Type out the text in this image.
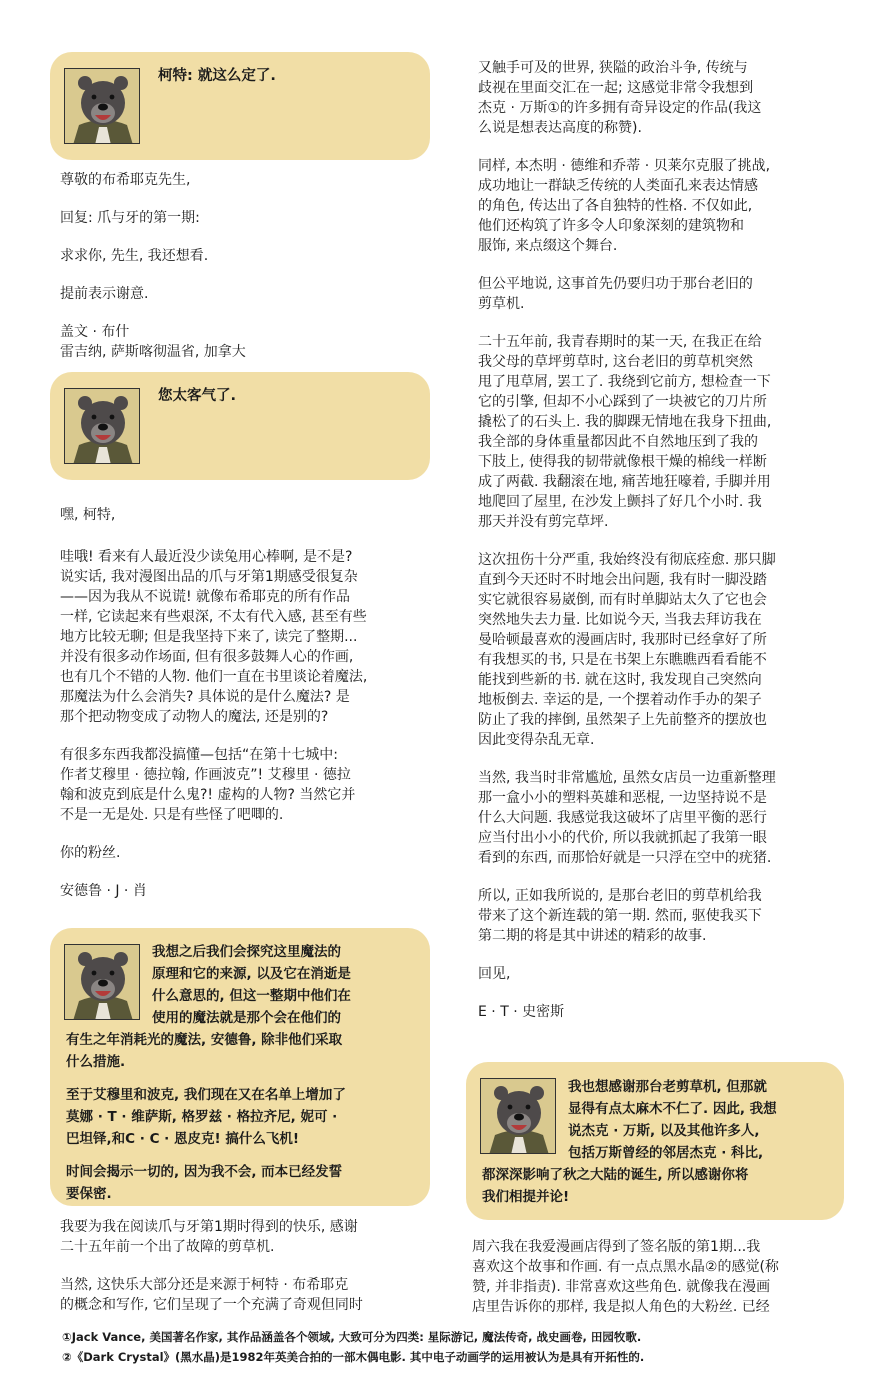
柯特: 就这么定了.

尊敬的布希耶克先生,

回复: 爪与牙的第一期:

求求你, 先生, 我还想看.

提前表示谢意.

盖文 · 布什
雷吉纳, 萨斯喀彻温省, 加拿大

您太客气了.

嘿, 柯特,

哇哦! 看来有人最近没少读兔用心棒啊, 是不是?
说实话, 我对漫图出品的爪与牙第1期感受很复杂
——因为我从不说谎! 就像布希耶克的所有作品
一样, 它读起来有些艰深, 不太有代入感, 甚至有些
地方比较无聊; 但是我坚持下来了, 读完了整期...
并没有很多动作场面, 但有很多鼓舞人心的作画,
也有几个不错的人物. 他们一直在书里谈论着魔法,
那魔法为什么会消失? 具体说的是什么魔法? 是
那个把动物变成了动物人的魔法, 还是别的?

有很多东西我都没搞懂—包括“在第十七城中:
作者艾穆里 · 德拉翰, 作画波克”! 艾穆里 · 德拉
翰和波克到底是什么鬼?! 虚构的人物? 当然它并
不是一无是处. 只是有些怪了吧唧的.

你的粉丝.

安德鲁 · J · 肖

我想之后我们会探究这里魔法的
原理和它的来源, 以及它在消逝是
什么意思的, 但这一整期中他们在
使用的魔法就是那个会在他们的

有生之年消耗光的魔法, 安德鲁, 除非他们采取
什么措施.

至于艾穆里和波克, 我们现在又在名单上增加了
莫娜 · T · 维萨斯, 格罗兹 · 格拉齐尼, 妮可 ·
巴坦铎,和C · C · 恩皮克! 搞什么飞机!

时间会揭示一切的, 因为我不会, 而本已经发誓
要保密.

我要为我在阅读爪与牙第1期时得到的快乐, 感谢
二十五年前一个出了故障的剪草机.

当然, 这快乐大部分还是来源于柯特 · 布希耶克
的概念和写作, 它们呈现了一个充满了奇观但同时

又触手可及的世界, 狭隘的政治斗争, 传统与
歧视在里面交汇在一起; 这感觉非常令我想到
杰克 · 万斯①的许多拥有奇异设定的作品(我这
么说是想表达高度的称赞).

同样, 本杰明 · 德维和乔蒂 · 贝莱尔克服了挑战,
成功地让一群缺乏传统的人类面孔来表达情感
的角色, 传达出了各自独特的性格. 不仅如此,
他们还构筑了许多令人印象深刻的建筑物和
服饰, 来点缀这个舞台.

但公平地说, 这事首先仍要归功于那台老旧的
剪草机.

二十五年前, 我青春期时的某一天, 在我正在给
我父母的草坪剪草时, 这台老旧的剪草机突然
甩了甩草屑, 罢工了. 我绕到它前方, 想检查一下
它的引擎, 但却不小心踩到了一块被它的刀片所
撬松了的石头上. 我的脚踝无情地在我身下扭曲,
我全部的身体重量都因此不自然地压到了我的
下肢上, 使得我的韧带就像根干燥的棉线一样断
成了两截. 我翻滚在地, 痛苦地狂嚎着, 手脚并用
地爬回了屋里, 在沙发上颤抖了好几个小时. 我
那天并没有剪完草坪.

这次扭伤十分严重, 我始终没有彻底痊愈. 那只脚
直到今天还时不时地会出问题, 我有时一脚没踏
实它就很容易崴倒, 而有时单脚站太久了它也会
突然地失去力量. 比如说今天, 当我去拜访我在
曼哈顿最喜欢的漫画店时, 我那时已经拿好了所
有我想买的书, 只是在书架上东瞧瞧西看看能不
能找到些新的书. 就在这时, 我发现自己突然向
地板倒去. 幸运的是, 一个摆着动作手办的架子
防止了我的摔倒, 虽然架子上先前整齐的摆放也
因此变得杂乱无章.

当然, 我当时非常尴尬, 虽然女店员一边重新整理
那一盒小小的塑料英雄和恶棍, 一边坚持说不是
什么大问题. 我感觉我这破坏了店里平衡的恶行
应当付出小小的代价, 所以我就抓起了我第一眼
看到的东西, 而那恰好就是一只浮在空中的疣猪.

所以, 正如我所说的, 是那台老旧的剪草机给我
带来了这个新连载的第一期. 然而, 驱使我买下
第二期的将是其中讲述的精彩的故事.

回见,

E · T · 史密斯

我也想感谢那台老剪草机, 但那就
显得有点太麻木不仁了. 因此, 我想
说杰克 · 万斯, 以及其他许多人,
包括万斯曾经的邻居杰克 · 科比,
都深深影响了秋之大陆的诞生, 所以感谢你将
我们相提并论!

周六我在我爱漫画店得到了签名版的第1期...我
喜欢这个故事和作画. 有一点点黑水晶②的感觉(称
赞, 并非指责). 非常喜欢这些角色. 就像我在漫画
店里告诉你的那样, 我是拟人角色的大粉丝. 已经

①Jack Vance, 美国著名作家, 其作品涵盖各个领域, 大致可分为四类: 星际游记, 魔法传奇, 战史画卷, 田园牧歌.
②《Dark Crystal》(黑水晶)是1982年英美合拍的一部木偶电影. 其中电子动画学的运用被认为是具有开拓性的.
